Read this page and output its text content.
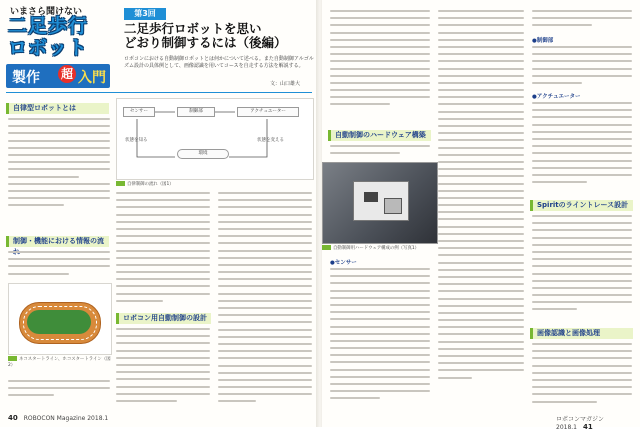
いまさら聞けない
二足歩行
ロボット
製作 超 入門
第3回
二足歩行ロボットを思い
どおり制御するには（後編）
ロボコンにおける自動制御ロボットとは何かについて述べる。また自動制御アルゴルズム設計の具体例として、画像認識を用いてコースを自走する方法を解説する。
文：山口雄大
自律型ロボットとは
制御・機能における情報の流
ネコスタートライン、ホコスタートライン（図2）
センサー	制御部	アクチュエーター
環境
状態を知る	状態を変える
自律制御の流れ（図1）
ロボコン用自動制御の設計
自動制御のハードウェア構築
自動制御用ハードウェア構成の例（写真1）
●センサー
●制御部
●アクチュエーター
Spiritのライントレース設計
画像認識と画像処理
40 ROBOCON Magazine 2018.1	ロボコンマガジン 2018.1 41
